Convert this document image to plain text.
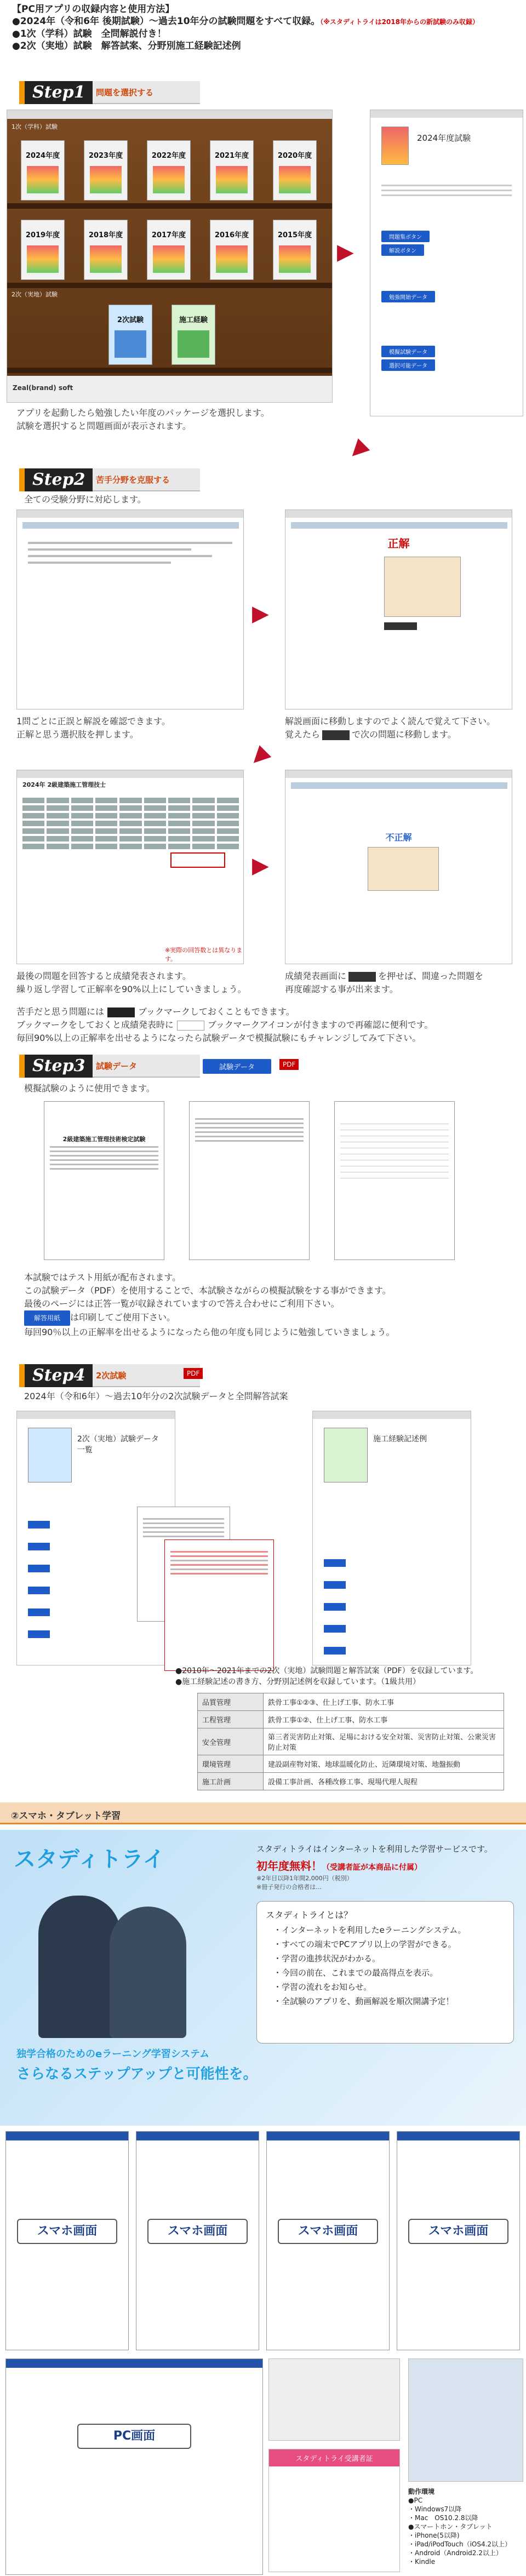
【PC用アプリの収録内容と使用方法】
●2024年（令和6年 後期試験）～過去10年分の試験問題をすべて収録。（※スタディトライは2018年からの新試験のみ収録）
●1次（学科）試験　全問解説付き！
●2次（実地）試験　解答試案、分野別施工経験記述例
Step1 問題を選択する
1次（学科）試験
2024年度	2023年度	2022年度	2021年度	2020年度
2019年度	2018年度	2017年度	2016年度	2015年度
2次（実地）試験
2次試験	施工経験
Zeal(brand) soft
▶
2024年度試験
問題集ボタン
解説ボタン
勉強開始データ
模擬試験データ
選択可能データ
アプリを起動したら勉強したい年度のパッケージを選択します。
試験を選択すると問題画面が表示されます。
▼
Step2 苦手分野を克服する
全ての受験分野に対応します。
▶
正解
1問ごとに正誤と解説を確認できます。
正解と思う選択肢を押します。
解説画面に移動しますのでよく読んで覚えて下さい。
覚えたら	で次の問題に移動します。
▼
2024年 2級建築施工管理技士
※実際の回答数とは異なります。
▶
不正解
最後の問題を回答すると成績発表されます。
繰り返し学習して正解率を90%以上にしていきましょう。
成績発表画面に	を押せば、間違った問題を
再度確認する事が出来ます。
苦手だと思う問題には	ブックマークしておくこともできます。
ブックマークをしておくと成績発表時に	ブックマークアイコンが付きますので再確認に便利です。
毎回90%以上の正解率を出せるようになったら試験データで模擬試験にもチャレンジしてみて下さい。
Step3 試験データ	試験データ	PDF
模擬試験のように使用できます。
2級建築施工管理技術検定試験
本試験ではテスト用紙が配布されます。
この試験データ（PDF）を使用することで、本試験さながらの模擬試験をする事ができます。
最後のページには正答一覧が収録されていますので答え合わせにご利用下さい。
解答用紙 は印刷してご使用下さい。
毎回90％以上の正解率を出せるようになったら他の年度も同じように勉強していきましょう。
Step4 2次試験	PDF
2024年（令和6年）～過去10年分の2次試験データと全問解答試案
2次（実地）試験データ一覧
施工経験記述例
●2010年～2021年までの2次（実地）試験問題と解答試案（PDF）を収録しています。
●施工経験記述の書き方、分野別記述例を収録しています。（1級共用）
品質管理	鉄骨工事①②③、仕上げ工事、防水工事
工程管理	鉄骨工事①②、仕上げ工事、防水工事
安全管理	第三者災害防止対策、足場における安全対策、災害防止対策、公衆災害防止対策
環境管理	建設副産物対策、地球温暖化防止、近隣環境対策、地盤振動
施工計画	設備工事計画、各種改修工事、現場代理人規程
②スマホ・タブレット学習
スタディトライ
独学合格のためのeラーニング学習システム
さらなるステップアップと可能性を。
スタディトライはインターネットを利用した学習サービスです。
初年度無料！（受講者証が本商品に付属）
※2年目以降1年間2,000円（税別）
※冊子発行の合格者は…
スタディトライとは？
・インターネットを利用したeラーニングシステム。
・すべての端末でPCアプリ以上の学習ができる。
・学習の進捗状況がわかる。
・今回の前在、これまでの最高得点を表示。
・学習の流れをお知らせ。
・全試験のアプリを、動画解説を順次開講予定！
スマホ画面	スマホ画面	スマホ画面	スマホ画面
PC画面
スタディトライ受講者証
動作環境
●PC
・Windows7以降
・Mac　OS10.2.8以降
●スマートホン・タブレット
・iPhone(5以降)
・iPad/iPodTouch（iOS4.2以上）
・Android（Android2.2以上）
・Kindle
